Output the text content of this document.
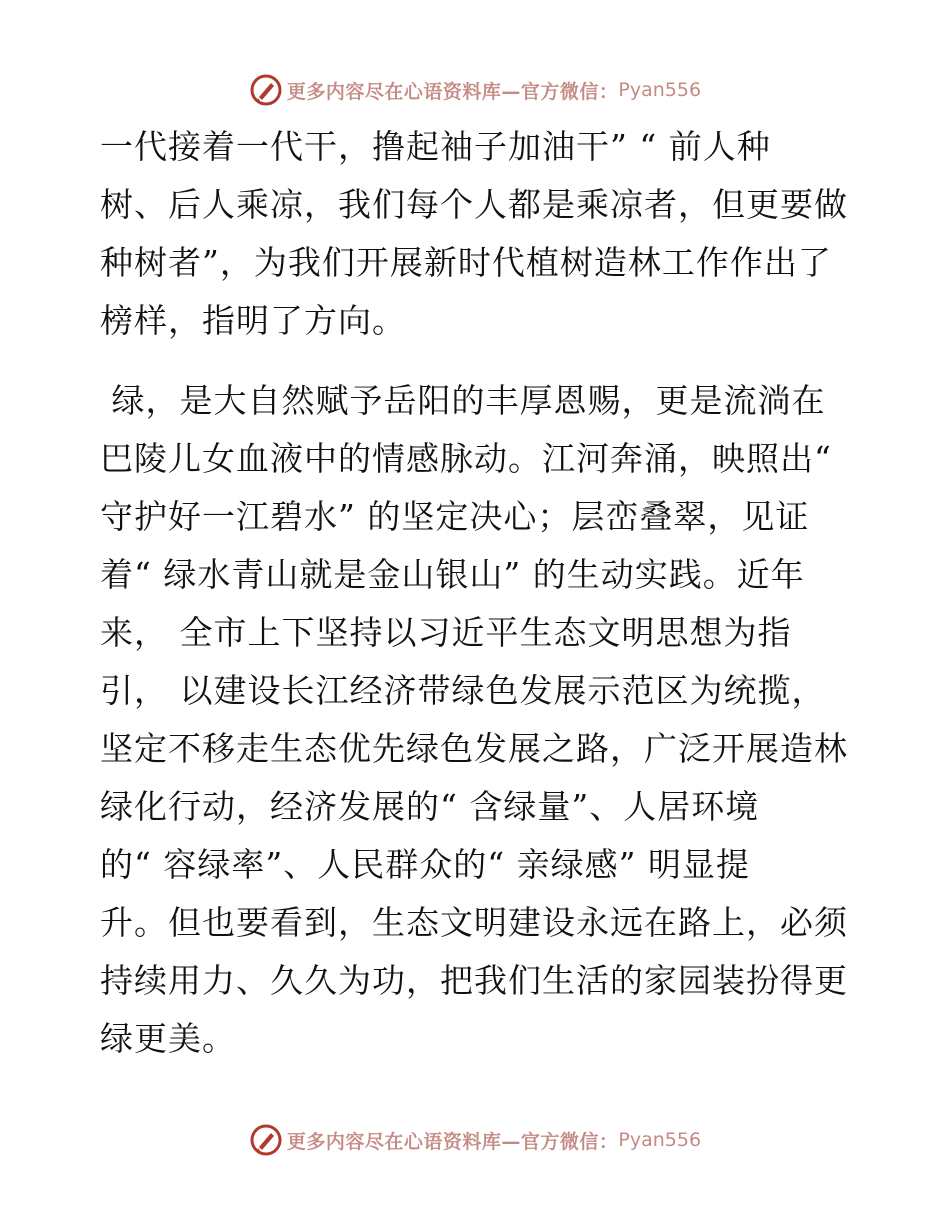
更多内容尽在心语资料库—官方微信： Pyan556
一代接着一代干，撸起袖子加油干” “ 前人种
树、后人乘凉，我们每个人都是乘凉者，但更要做
种树者”，为我们开展新时代植树造林工作作出了
榜样，指明了方向。
绿，是大自然赋予岳阳的丰厚恩赐，更是流淌在
巴陵儿女血液中的情感脉动。江河奔涌，映照出“
守护好一江碧水” 的坚定决心；层峦叠翠，见证
着“ 绿水青山就是金山银山” 的生动实践。近年
来， 全市上下坚持以习近平生态文明思想为指
引， 以建设长江经济带绿色发展示范区为统揽，
坚定不移走生态优先绿色发展之路，广泛开展造林
绿化行动，经济发展的“ 含绿量”、人居环境
的“ 容绿率”、人民群众的“ 亲绿感” 明显提
升。但也要看到，生态文明建设永远在路上，必须
持续用力、久久为功，把我们生活的家园装扮得更
绿更美。
更多内容尽在心语资料库—官方微信： Pyan556
